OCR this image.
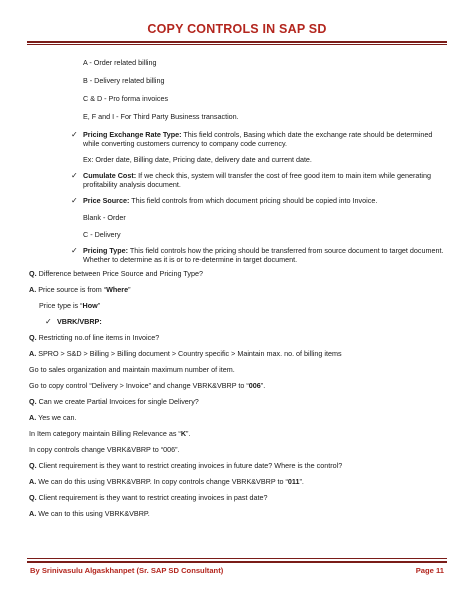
COPY CONTROLS IN SAP SD
A - Order related billing
B - Delivery related billing
C & D - Pro forma invoices
E, F and I - For Third Party Business transaction.
✓ Pricing Exchange Rate Type: This field controls, Basing which date the exchange rate should be determined while converting customers currency to company code currency.
Ex: Order date, Billing date, Pricing date, delivery date and current date.
✓ Cumulate Cost: If we check this, system will transfer the cost of free good item to main item while generating profitability analysis document.
✓ Price Source: This field controls from which document pricing should be copied into Invoice.
Blank - Order
C - Delivery
✓ Pricing Type: This field controls how the pricing should be transferred from source document to target document. Whether to determine as it is or to re-determine in target document.
Q. Difference between Price Source and Pricing Type?
A. Price source is from “Where”
Price type is “How”
✓ VBRK/VBRP:
Q. Restricting no.of line items in Invoice?
A. SPRO > S&D > Billing > Billing document > Country specific > Maintain max. no. of billing items
Go to sales organization and maintain maximum number of item.
Go to copy control “Delivery > Invoice” and change VBRK&VBRP to “006”.
Q. Can we create Partial Invoices for single Delivery?
A. Yes we can.
In Item category maintain Billing Relevance as “K”.
In copy controls change VBRK&VBRP to “006”.
Q. Client requirement is they want to restrict creating invoices in future date? Where is the control?
A. We can do this using VBRK&VBRP. In copy controls change VBRK&VBRP to “011”.
Q. Client requirement is they want to restrict creating invoices in past date?
A. We can to this using VBRK&VBRP.
By Srinivasulu Algaskhanpet (Sr. SAP SD Consultant)	Page 11
